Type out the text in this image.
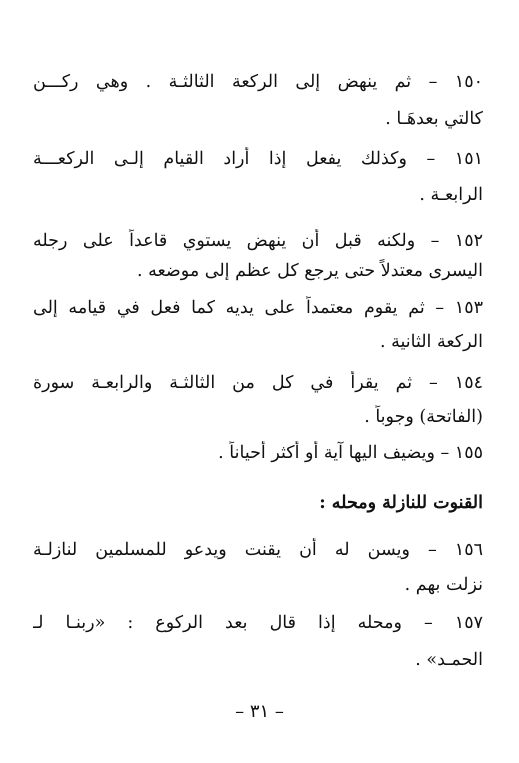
١٥٠ – ثم ينهض إلى الركعة الثالثـة . وهي ركـــن
كالتي بعدهَـا .
١٥١ – وكذلك يفعل إذا أراد القيام إلـى الركعـــة
الرابعـة .
١٥٢ – ولكنه قبل أن ينهض يستوي قاعداً على رجله
اليسرى معتدلاً حتى يرجع كل عظم إلى موضعه .
١٥٣ – ثم يقوم معتمداً على يديه كما فعل في قيامه إلى
الركعة الثانية .
١٥٤ – ثم يقرأ في كل من الثالثـة والرابعـة سورة
(الفاتحة) وجوباً .
١٥٥ – ويضيف اليها آية أو أكثر أحياناً .
القنوت للنازلة ومحله :
١٥٦ – ويسن له أن يقنت ويدعو للمسلمين لنازلـة
نزلت بهم .
١٥٧ – ومحله إذا قال بعد الركوع : «ربنـا لـ
الحمـد» .
– ٣١ –
